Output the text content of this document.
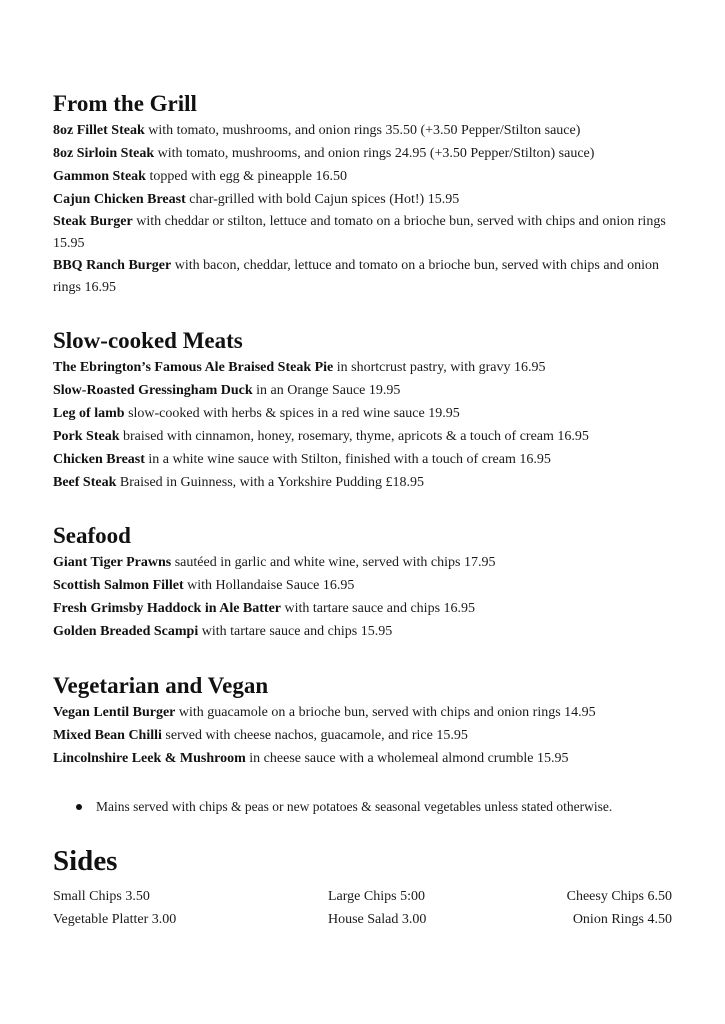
From the Grill
8oz Fillet Steak with tomato, mushrooms, and onion rings 35.50 (+3.50 Pepper/Stilton sauce)
8oz Sirloin Steak with tomato, mushrooms, and onion rings 24.95 (+3.50 Pepper/Stilton) sauce)
Gammon Steak topped with egg & pineapple 16.50
Cajun Chicken Breast char-grilled with bold Cajun spices (Hot!) 15.95
Steak Burger with cheddar or stilton, lettuce and tomato on a brioche bun, served with chips and onion rings 15.95
BBQ Ranch Burger with bacon, cheddar, lettuce and tomato on a brioche bun, served with chips and onion rings 16.95
Slow-cooked Meats
The Ebrington’s Famous Ale Braised Steak Pie in shortcrust pastry, with gravy 16.95
Slow-Roasted Gressingham Duck in an Orange Sauce 19.95
Leg of lamb slow-cooked with herbs & spices in a red wine sauce 19.95
Pork Steak braised with cinnamon, honey, rosemary, thyme, apricots & a touch of cream 16.95
Chicken Breast in a white wine sauce with Stilton, finished with a touch of cream 16.95
Beef Steak Braised in Guinness, with a Yorkshire Pudding £18.95
Seafood
Giant Tiger Prawns sautéed in garlic and white wine, served with chips 17.95
Scottish Salmon Fillet with Hollandaise Sauce 16.95
Fresh Grimsby Haddock in Ale Batter with tartare sauce and chips 16.95
Golden Breaded Scampi with tartare sauce and chips 15.95
Vegetarian and Vegan
Vegan Lentil Burger with guacamole on a brioche bun, served with chips and onion rings 14.95
Mixed Bean Chilli served with cheese nachos, guacamole, and rice 15.95
Lincolnshire Leek & Mushroom in cheese sauce with a wholemeal almond crumble 15.95
Mains served with chips & peas or new potatoes & seasonal vegetables unless stated otherwise.
Sides
Small Chips 3.50	Large Chips 5:00	Cheesy Chips 6.50
Vegetable Platter 3.00	House Salad 3.00	Onion Rings 4.50
